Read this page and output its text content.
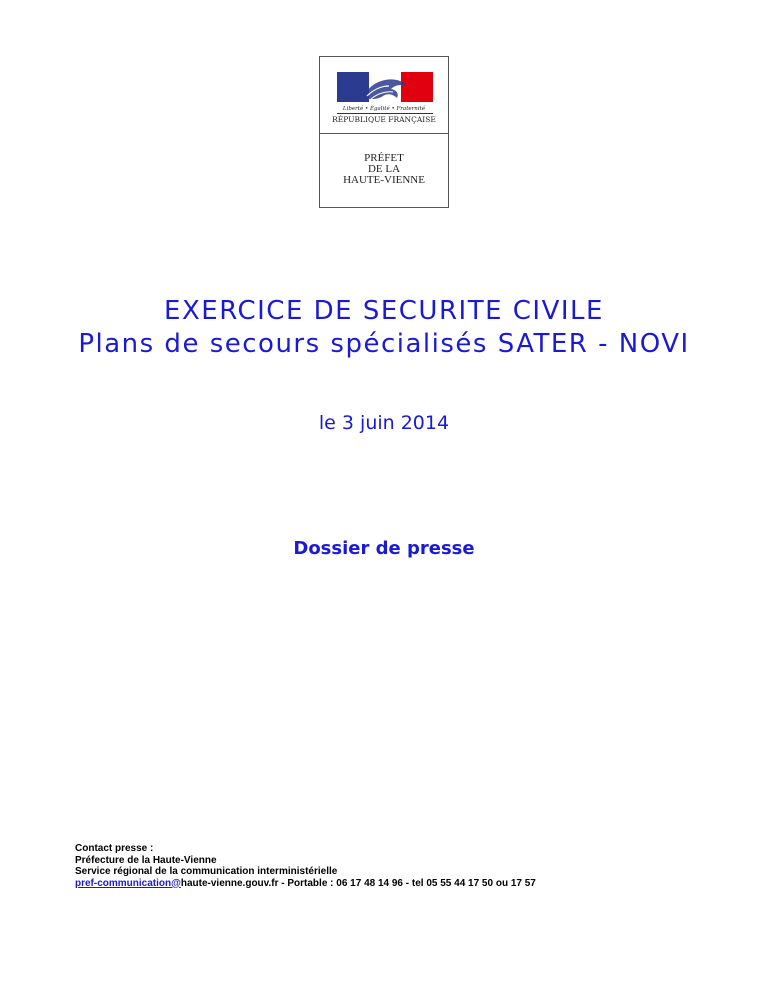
Liberté • Égalité • Fraternité
RÉPUBLIQUE FRANÇAISE
PRÉFET
DE LA
HAUTE-VIENNE
EXERCICE DE SECURITE CIVILE
Plans de secours spécialisés SATER - NOVI
le 3 juin 2014
Dossier de presse
Contact presse :
Préfecture de la Haute-Vienne
Service régional de la communication interministérielle
pref-communication@haute-vienne.gouv.fr - Portable : 06 17 48 14 96 - tel 05 55 44 17 50 ou 17 57
